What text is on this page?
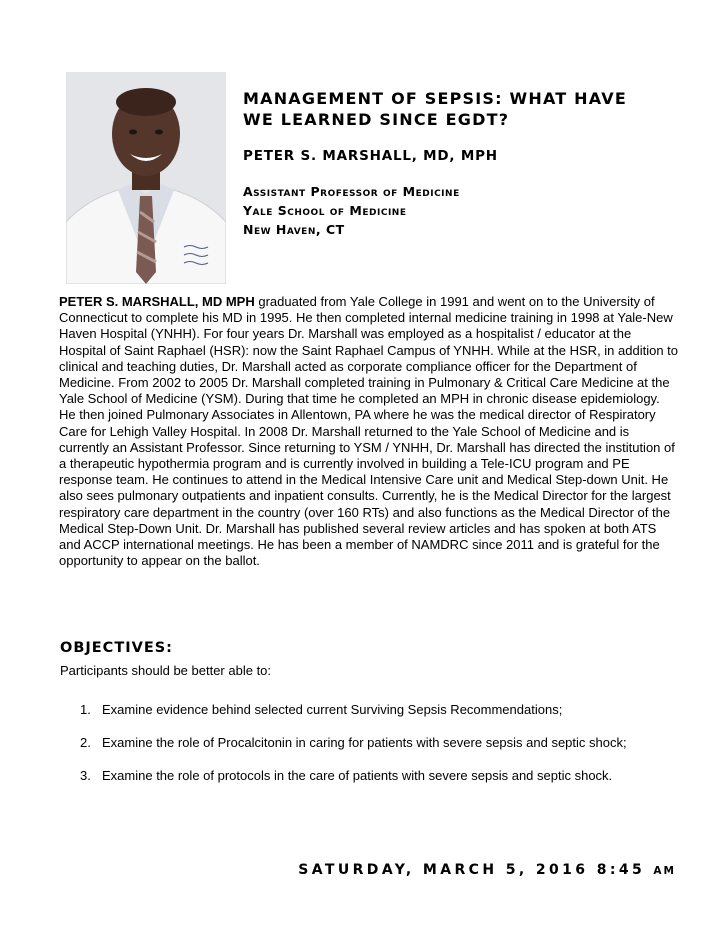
MANAGEMENT OF SEPSIS: WHAT HAVE
WE LEARNED SINCE EGDT?
PETER S. MARSHALL, MD, MPH
Assistant Professor of Medicine
Yale School of Medicine
New Haven, CT

PETER S. MARSHALL, MD MPH graduated from Yale College in 1991 and went on to the University of Connecticut to complete his MD in 1995. He then completed internal medicine training in 1998 at Yale-New Haven Hospital (YNHH). For four years Dr. Marshall was employed as a hospitalist / educator at the Hospital of Saint Raphael (HSR): now the Saint Raphael Campus of YNHH. While at the HSR, in addition to clinical and teaching duties, Dr. Marshall acted as corporate compliance officer for the Department of Medicine. From 2002 to 2005 Dr. Marshall completed training in Pulmonary & Critical Care Medicine at the Yale School of Medicine (YSM). During that time he completed an MPH in chronic disease epidemiology. He then joined Pulmonary Associates in Allentown, PA where he was the medical director of Respiratory Care for Lehigh Valley Hospital. In 2008 Dr. Marshall returned to the Yale School of Medicine and is currently an Assistant Professor. Since returning to YSM / YNHH, Dr. Marshall has directed the institution of a therapeutic hypothermia program and is currently involved in building a Tele-ICU program and PE response team. He continues to attend in the Medical Intensive Care unit and Medical Step-down Unit. He also sees pulmonary outpatients and inpatient consults. Currently, he is the Medical Director for the largest respiratory care department in the country (over 160 RTs) and also functions as the Medical Director of the Medical Step-Down Unit. Dr. Marshall has published several review articles and has spoken at both ATS and ACCP international meetings. He has been a member of NAMDRC since 2011 and is grateful for the opportunity to appear on the ballot.

OBJECTIVES:

Participants should be better able to:

1. Examine evidence behind selected current Surviving Sepsis Recommendations;
2. Examine the role of Procalcitonin in caring for patients with severe sepsis and septic shock;
3. Examine the role of protocols in the care of patients with severe sepsis and septic shock.
SATURDAY, MARCH 5, 2016 8:45 AM
